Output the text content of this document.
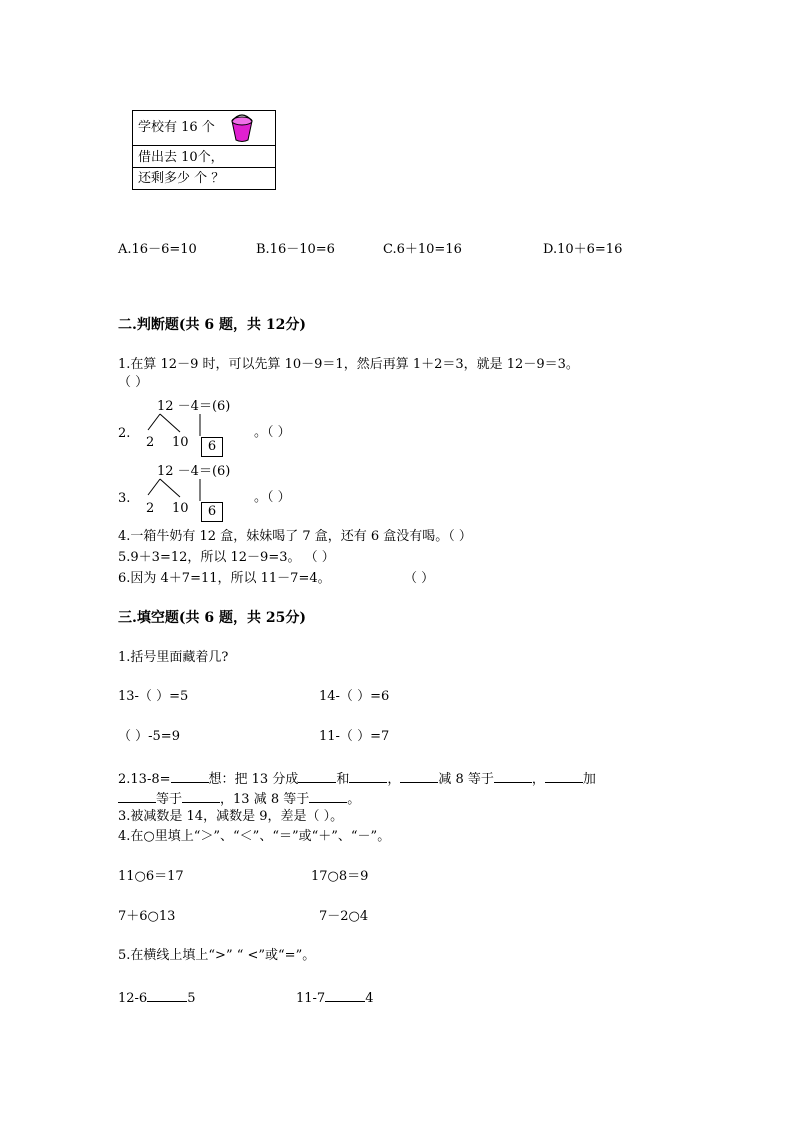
学校有 16 个
借出去 10个，
还剩多少 个 ？
A.16－6=10	B.16－10=6	C.6＋10=16	D.10＋6=16
二.判断题(共 6 题，共 12分)
1.在算 12－9 时，可以先算 10－9＝1，然后再算 1＋2＝3，就是 12－9＝3。
（ ）
12 －4＝(6)
2.
2 10	6
。（ ）
12 －4＝(6)
3.
2 10	6
。（ ）
4.一箱牛奶有 12 盒，妹妹喝了 7 盒，还有 6 盒没有喝。（ ）
5.9＋3=12，所以 12－9=3。 （ ）
6.因为 4＋7=11，所以 11－7=4。	（ ）
三.填空题(共 6 题，共 25分)
1.括号里面藏着几?
13-（ ）=5	14-（ ）=6
（ ）-5=9	11-（ ）=7
2.13-8=	想：把 13 分成	和	，	减 8 等于	，	加
等于	，13 减 8 等于	。
3.被减数是 14，减数是 9，差是（ ）。
4.在○里填上“＞”、“＜”、“＝”或“＋”、“－”。
11○6＝17	17○8＝9
7＋6○13	7－2○4
5.在横线上填上“>” “ <”或“=”。
12-6	5	11-7	4
